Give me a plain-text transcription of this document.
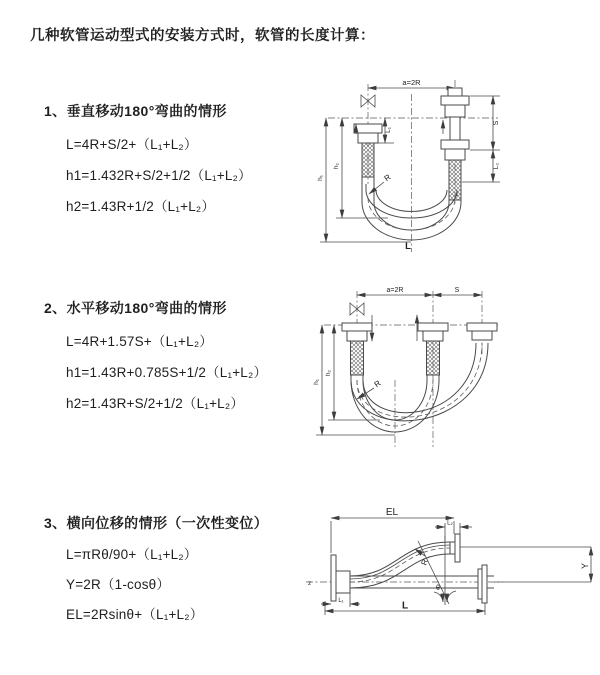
几种软管运动型式的安装方式时，软管的长度计算：
1、垂直移动180°弯曲的情形
L=4R+S/2+（L₁+L₂）
h1=1.432R+S/2+1/2（L₁+L₂）
h2=1.43R+1/2（L₁+L₂）
2、水平移动180°弯曲的情形
L=4R+1.57S+（L₁+L₂）
h1=1.43R+0.785S+1/2（L₁+L₂）
h2=1.43R+S/2+1/2（L₁+L₂）
3、横向位移的情形（一次性变位）
L=πRθ/90+（L₁+L₂）
Y=2R（1-cosθ）
EL=2Rsinθ+（L₁+L₂）
a=2R
L₁
S
L₂
h₁
h₂
R
L
a=2R	S
h₁
h₂
R
z
EL
L₂
Y
L
L₁
θ
R
